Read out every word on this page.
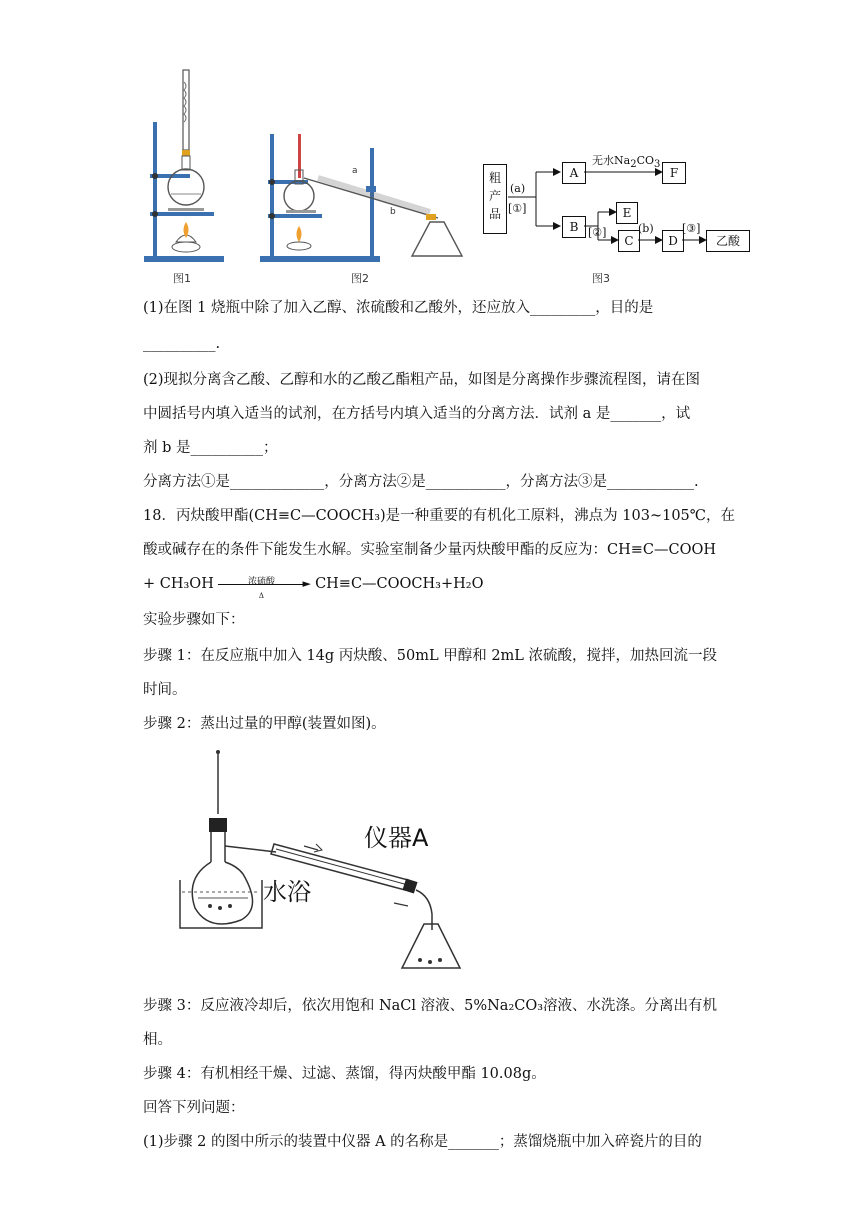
图1
a
b
图2
粗
产
品
(a)
[①]
A
B
E
C	D
F
乙酸
无水Na2CO3
[②]	(b)	[③]
图3
(1)在图 1 烧瓶中除了加入乙醇、浓硫酸和乙酸外，还应放入_________，目的是
__________.
(2)现拟分离含乙酸、乙醇和水的乙酸乙酯粗产品，如图是分离操作步骤流程图，请在图
中圆括号内填入适当的试剂，在方括号内填入适当的分离方法．试剂 a 是_______，试
剂 b 是__________；
分离方法①是_____________，分离方法②是___________，分离方法③是____________.
18．丙炔酸甲酯(CH≡C—COOCH₃)是一种重要的有机化工原料，沸点为 103~105℃，在
酸或碱存在的条件下能发生水解。实验室制备少量丙炔酸甲酯的反应为：CH≡C—COOH
+ CH₃OH	浓硫酸	►
Δ
CH≡C—COOCH₃+H₂O
实验步骤如下：
步骤 1：在反应瓶中加入 14g 丙炔酸、50mL 甲醇和 2mL 浓硫酸，搅拌，加热回流一段
时间。
步骤 2：蒸出过量的甲醇(装置如图)。
仪器A
水浴
步骤 3：反应液冷却后，依次用饱和 NaCl 溶液、5%Na₂CO₃溶液、水洗涤。分离出有机
相。
步骤 4：有机相经干燥、过滤、蒸馏，得丙炔酸甲酯 10.08g。
回答下列问题：
(1)步骤 2 的图中所示的装置中仪器 A 的名称是_______；蒸馏烧瓶中加入碎瓷片的目的
